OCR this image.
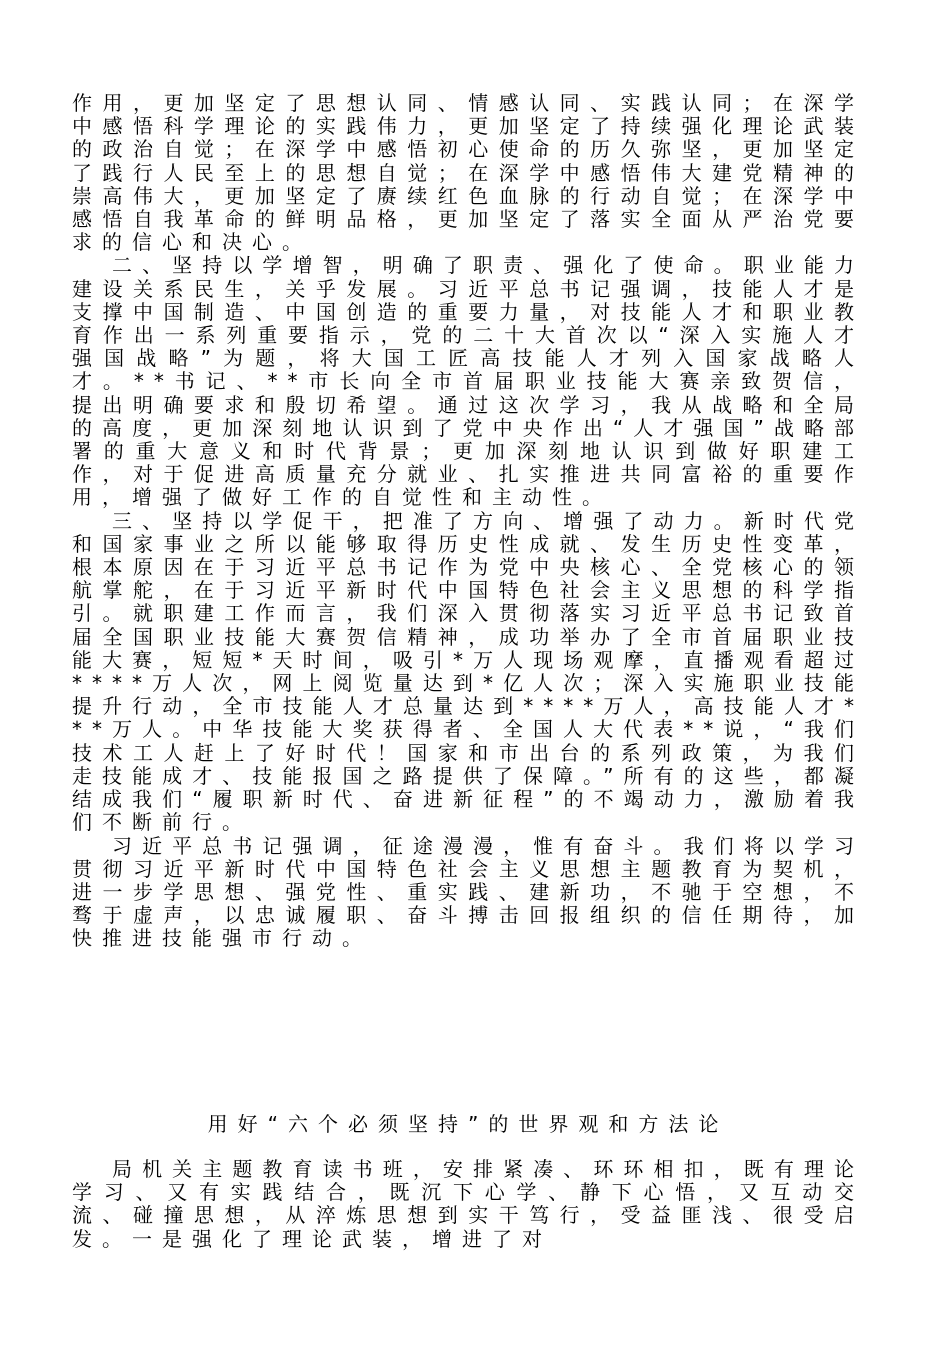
作用，更加坚定了思想认同、情感认同、实践认同；在深学中感悟科学理论的实践伟力，更加坚定了持续强化理论武装的政治自觉；在深学中感悟初心使命的历久弥坚，更加坚定了践行人民至上的思想自觉；在深学中感悟伟大建党精神的崇高伟大，更加坚定了赓续红色血脉的行动自觉；在深学中感悟自我革命的鲜明品格，更加坚定了落实全面从严治党要求的信心和决心。

二、坚持以学增智，明确了职责、强化了使命。职业能力建设关系民生，关乎发展。习近平总书记强调，技能人才是支撑中国制造、中国创造的重要力量，对技能人才和职业教育作出一系列重要指示，党的二十大首次以“深入实施人才强国战略”为题，将大国工匠高技能人才列入国家战略人才。**书记、**市长向全市首届职业技能大赛亲致贺信，提出明确要求和殷切希望。通过这次学习，我从战略和全局的高度，更加深刻地认识到了党中央作出“人才强国”战略部署的重大意义和时代背景；更加深刻地认识到做好职建工作，对于促进高质量充分就业、扎实推进共同富裕的重要作用，增强了做好工作的自觉性和主动性。

三、坚持以学促干，把准了方向、增强了动力。新时代党和国家事业之所以能够取得历史性成就、发生历史性变革，根本原因在于习近平总书记作为党中央核心、全党核心的领航掌舵，在于习近平新时代中国特色社会主义思想的科学指引。就职建工作而言，我们深入贯彻落实习近平总书记致首届全国职业技能大赛贺信精神，成功举办了全市首届职业技能大赛，短短*天时间，吸引*万人现场观摩，直播观看超过****万人次，网上阅览量达到*亿人次；深入实施职业技能提升行动，全市技能人才总量达到****万人，高技能人才***万人。中华技能大奖获得者、全国人大代表**说，“我们技术工人赶上了好时代！国家和市出台的系列政策，为我们走技能成才、技能报国之路提供了保障。”所有的这些，都凝结成我们“履职新时代、奋进新征程”的不竭动力，激励着我们不断前行。

习近平总书记强调，征途漫漫，惟有奋斗。我们将以学习贯彻习近平新时代中国特色社会主义思想主题教育为契机，进一步学思想、强党性、重实践、建新功，不驰于空想，不骛于虚声，以忠诚履职、奋斗搏击回报组织的信任期待，加快推进技能强市行动。

用好“六个必须坚持”的世界观和方法论

局机关主题教育读书班，安排紧凑、环环相扣，既有理论学习、又有实践结合，既沉下心学、静下心悟，又互动交流、碰撞思想，从淬炼思想到实干笃行，受益匪浅、很受启发。一是强化了理论武装，增进了对
